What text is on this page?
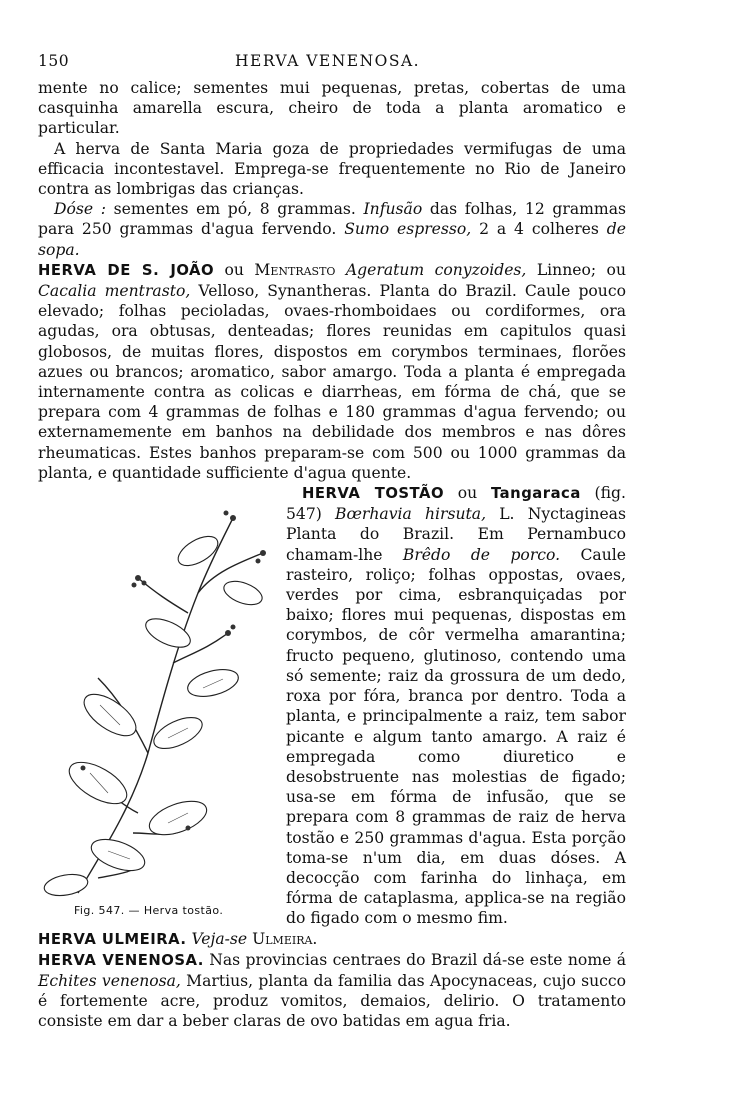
150	HERVA VENENOSA.

mente no calice; sementes mui pequenas, pretas, cobertas de uma casquinha amarella escura, cheiro de toda a planta aromatico e particular.

A herva de Santa Maria goza de propriedades vermifugas de uma efficacia incontestavel. Emprega-se frequentemente no Rio de Janeiro contra as lombrigas das crianças.

Dóse : sementes em pó, 8 grammas. Infusão das folhas, 12 grammas para 250 grammas d'agua fervendo. Sumo espresso, 2 a 4 colheres de sopa.

HERVA DE S. JOÃO ou Mentrasto Ageratum conyzoides, Linneo; ou Cacalia mentrasto, Velloso, Synantheras. Planta do Brazil. Caule pouco elevado; folhas pecioladas, ovaes-rhomboidaes ou cordiformes, ora agudas, ora obtusas, denteadas; flores reunidas em capitulos quasi globosos, de muitas flores, dispostos em corymbos terminaes, florões azues ou brancos; aromatico, sabor amargo. Toda a planta é empregada internamente contra as colicas e diarrheas, em fórma de chá, que se prepara com 4 grammas de folhas e 180 grammas d'agua fervendo; ou externamemente em banhos na debilidade dos membros e nas dôres rheumaticas. Estes banhos preparam-se com 500 ou 1000 grammas da planta, e quantidade sufficiente d'agua quente.

Fig. 547. — Herva tostão.

HERVA TOSTÃO ou Tangaraca (fig. 547) Bœrhavia hirsuta, L. Nyctagineas Planta do Brazil. Em Pernambuco chamam-lhe Brêdo de porco. Caule rasteiro, roliço; folhas oppostas, ovaes, verdes por cima, esbranquiçadas por baixo; flores mui pequenas, dispostas em corymbos, de côr vermelha amarantina; fructo pequeno, glutinoso, contendo uma só semente; raiz da grossura de um dedo, roxa por fóra, branca por dentro. Toda a planta, e principalmente a raiz, tem sabor picante e algum tanto amargo. A raiz é empregada como diuretico e desobstruente nas molestias de figado; usa-se em fórma de infusão, que se prepara com 8 grammas de raiz de herva tostão e 250 grammas d'agua. Esta porção toma-se n'um dia, em duas dóses. A decocção com farinha do linhaça, em fórma de cataplasma, applica-se na região do figado com o mesmo fim.

HERVA ULMEIRA. Veja-se Ulmeira.

HERVA VENENOSA. Nas provincias centraes do Brazil dá-se este nome á Echites venenosa, Martius, planta da familia das Apocynaceas, cujo succo é fortemente acre, produz vomitos, demaios, delirio. O tratamento consiste em dar a beber claras de ovo batidas em agua fria.
